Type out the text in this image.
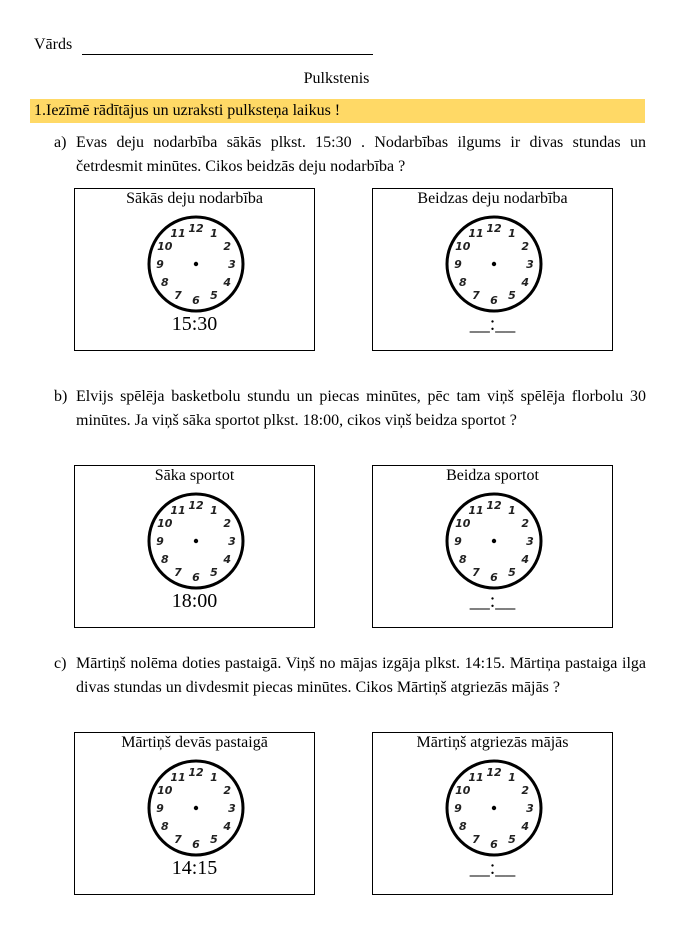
Vārds
Pulkstenis
1.Iezīmē rādītājus un uzraksti pulksteņa laikus !
a) Evas deju nodarbība sākās plkst. 15:30 . Nodarbības ilgums ir divas stundas un četrdesmit minūtes. Cikos beidzās deju nodarbība ?
Sākās deju nodarbība
12 1
2
3
4
5
6
7
8
9
10
11
15:30
Beidzas deju nodarbība
12 1
2
3
4
5
6
7
8
9
10
11
__:__
b) Elvijs spēlēja basketbolu stundu un piecas minūtes, pēc tam viņš spēlēja florbolu 30 minūtes. Ja viņš sāka sportot plkst. 18:00, cikos viņš beidza sportot ?
Sāka sportot
12 1
2
3
4
5
6
7
8
9
10
11
18:00
Beidza sportot
12 1
2
3
4
5
6
7
8
9
10
11
__:__
c) Mārtiņš nolēma doties pastaigā. Viņš no mājas izgāja plkst. 14:15. Mārtiņa pastaiga ilga divas stundas un divdesmit piecas minūtes. Cikos Mārtiņš atgriezās mājās ?
Mārtiņš devās pastaigā
12 1
2
3
4
5
6
7
8
9
10
11
14:15
Mārtiņš atgriezās mājās
12 1
2
3
4
5
6
7
8
9
10
11
__:__
